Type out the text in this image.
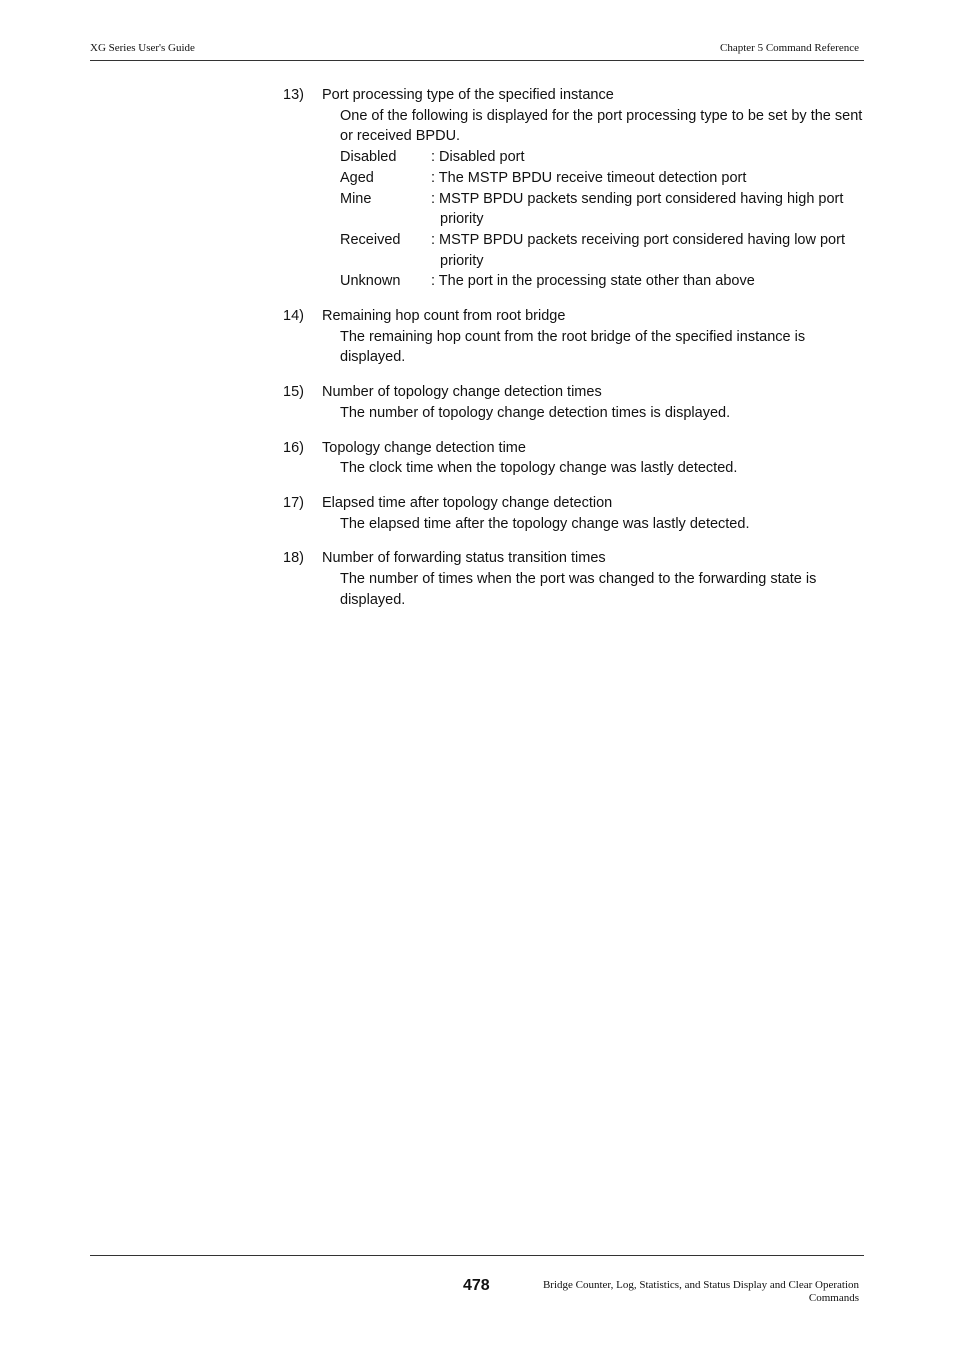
XG Series User's Guide	Chapter 5 Command Reference
13)	Port processing type of the specified instance
One of the following is displayed for the port processing type to be set by the sent or received BPDU.
Disabled	: Disabled port
Aged	: The MSTP BPDU receive timeout detection port
Mine	: MSTP BPDU packets sending port considered having high port
priority
Received	: MSTP BPDU packets receiving port considered having low port
priority
Unknown	: The port in the processing state other than above
14)	Remaining hop count from root bridge
The remaining hop count from the root bridge of the specified instance is displayed.
15)	Number of topology change detection times
The number of topology change detection times is displayed.
16)	Topology change detection time
The clock time when the topology change was lastly detected.
17)	Elapsed time after topology change detection
The elapsed time after the topology change was lastly detected.
18)	Number of forwarding status transition times
The number of times when the port was changed to the forwarding state is displayed.
478	Bridge Counter, Log, Statistics, and Status Display and Clear Operation
Commands
